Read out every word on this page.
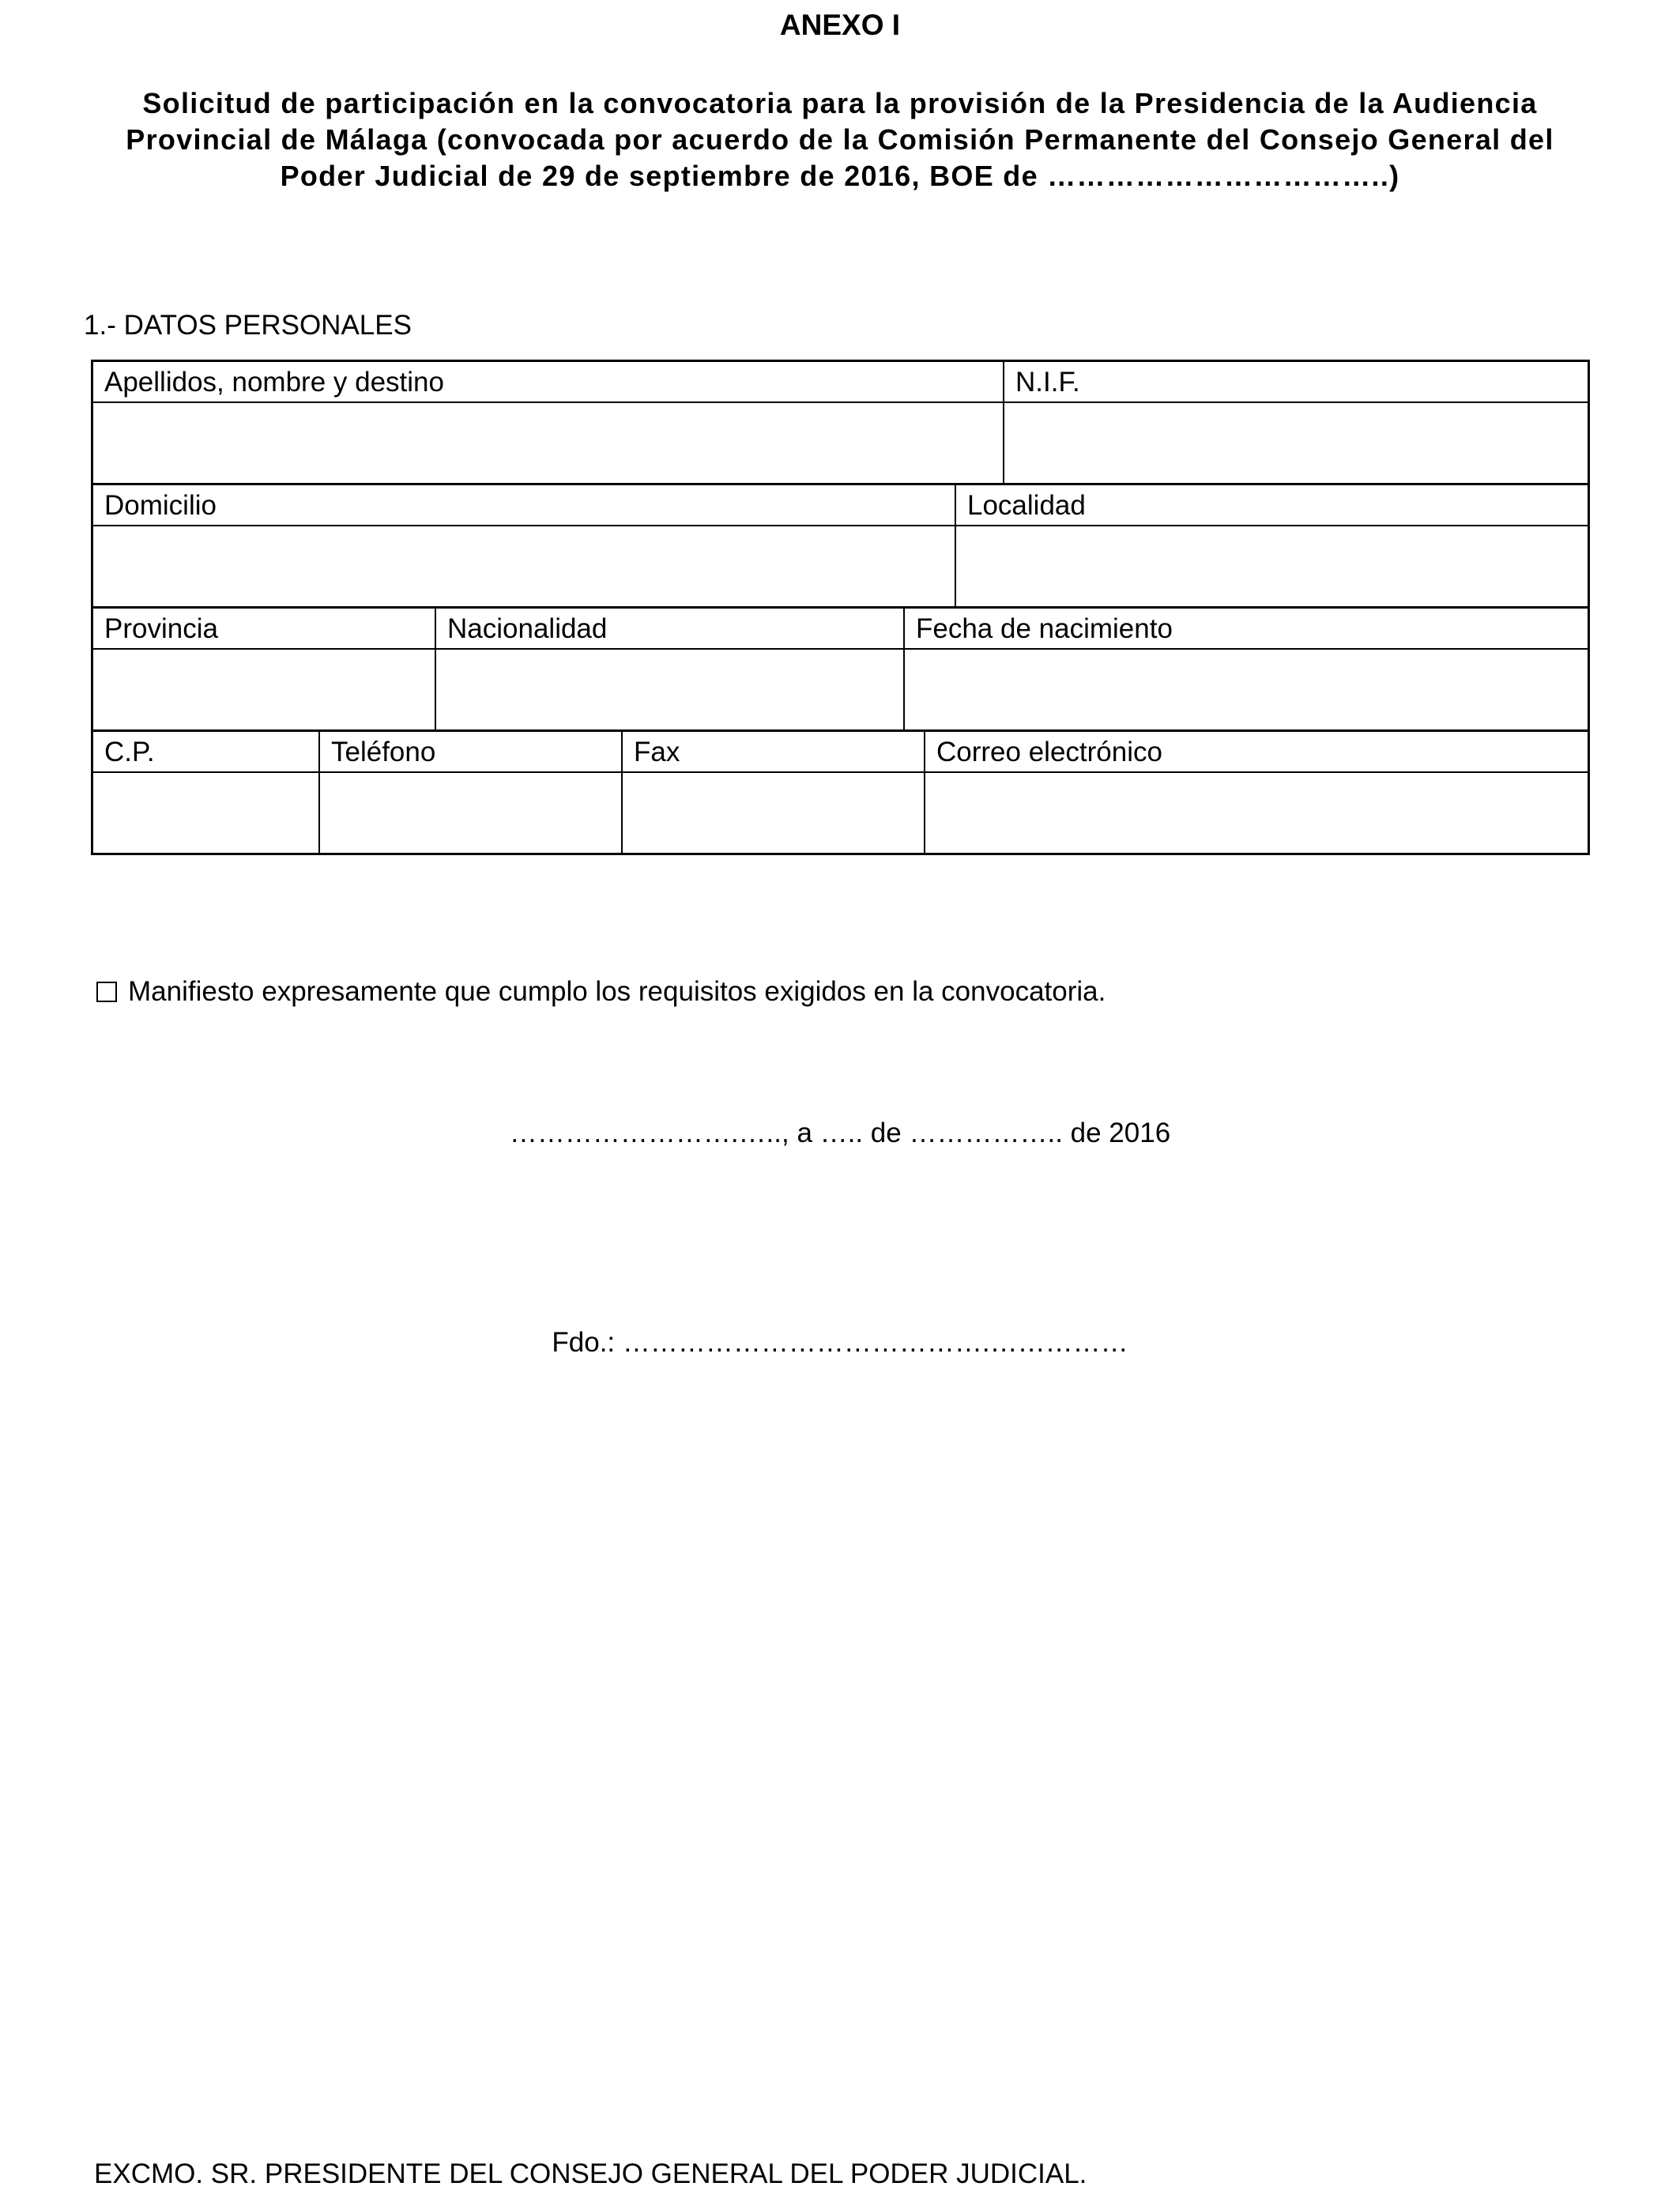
ANEXO I
Solicitud de participación en la convocatoria para la provisión de la Presidencia de la Audiencia
Provincial de Málaga (convocada por acuerdo de la Comisión Permanente del Consejo General del
Poder Judicial de 29 de septiembre de 2016, BOE de ……………………………..)
1.- DATOS PERSONALES
Apellidos, nombre y destino	N.I.F.
Domicilio	Localidad
Provincia	Nacionalidad	Fecha de nacimiento
C.P.	Teléfono	Fax	Correo electrónico
Manifiesto expresamente que cumplo los requisitos exigidos en la convocatoria.
…………………….….., a ….. de …………….. de 2016
Fdo.: ………………………………….……………
EXCMO. SR. PRESIDENTE DEL CONSEJO GENERAL DEL PODER JUDICIAL.
